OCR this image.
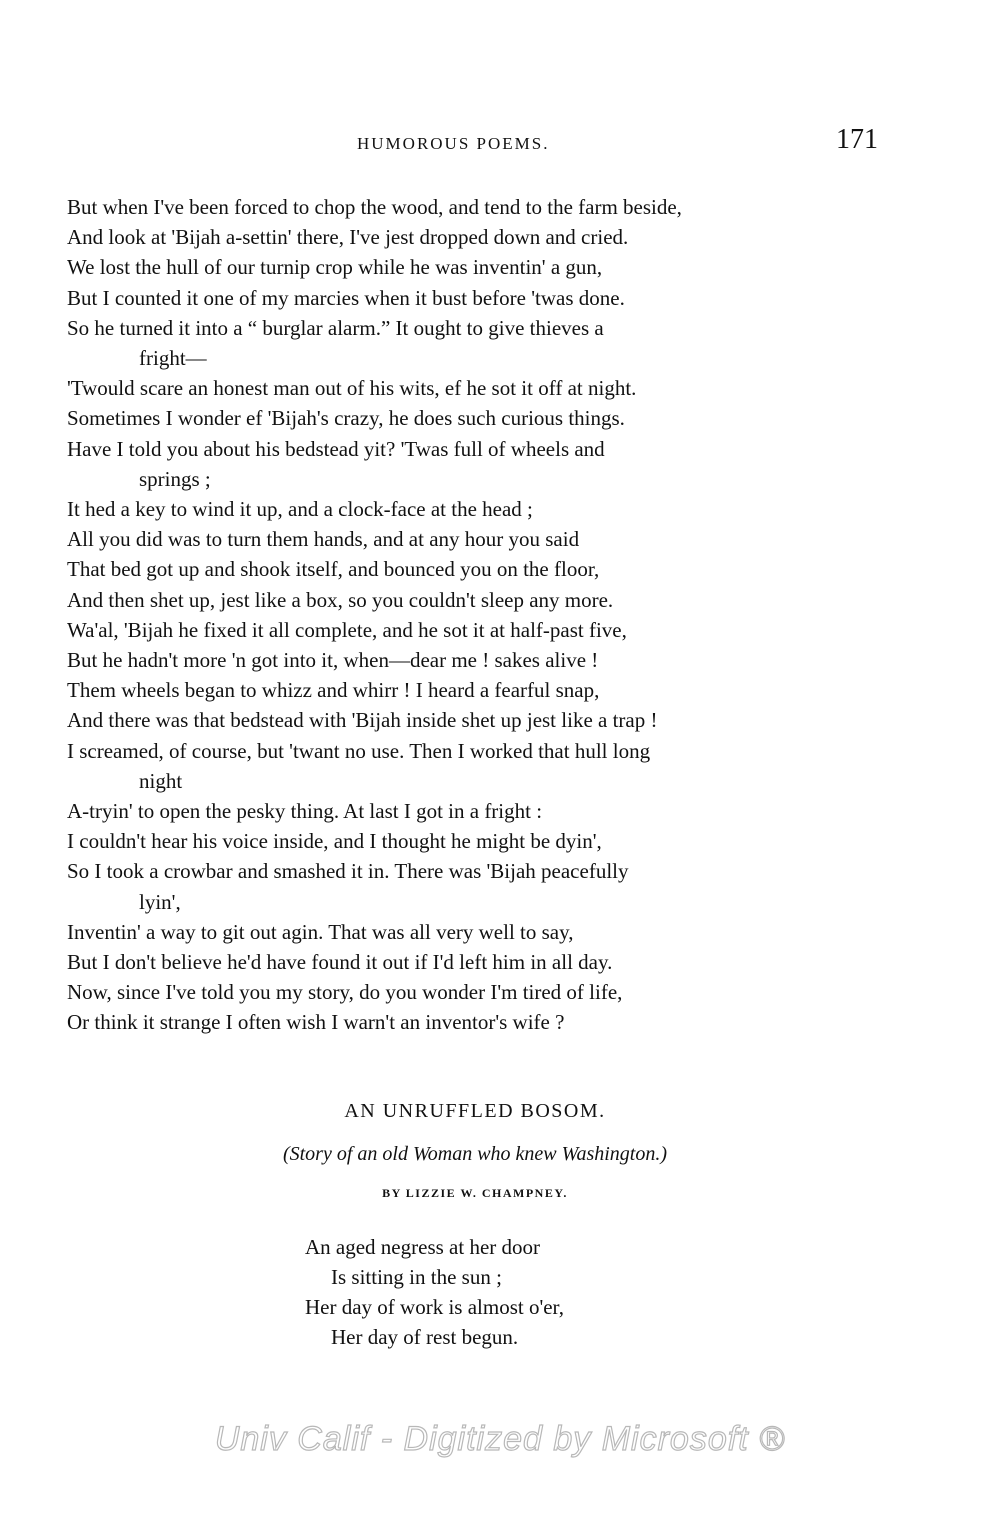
HUMOROUS POEMS.	171
But when I've been forced to chop the wood, and tend to the farm beside,
And look at 'Bijah a-settin' there, I've jest dropped down and cried.
We lost the hull of our turnip crop while he was inventin' a gun,
But I counted it one of my marcies when it bust before 'twas done.
So he turned it into a “ burglar alarm.” It ought to give thieves a
fright—
'Twould scare an honest man out of his wits, ef he sot it off at night.
Sometimes I wonder ef 'Bijah's crazy, he does such curious things.
Have I told you about his bedstead yit? 'Twas full of wheels and
springs ;
It hed a key to wind it up, and a clock-face at the head ;
All you did was to turn them hands, and at any hour you said
That bed got up and shook itself, and bounced you on the floor,
And then shet up, jest like a box, so you couldn't sleep any more.
Wa'al, 'Bijah he fixed it all complete, and he sot it at half-past five,
But he hadn't more 'n got into it, when—dear me ! sakes alive !
Them wheels began to whizz and whirr ! I heard a fearful snap,
And there was that bedstead with 'Bijah inside shet up jest like a trap !
I screamed, of course, but 'twant no use. Then I worked that hull long
night
A-tryin' to open the pesky thing. At last I got in a fright :
I couldn't hear his voice inside, and I thought he might be dyin',
So I took a crowbar and smashed it in. There was 'Bijah peacefully
lyin',
Inventin' a way to git out agin. That was all very well to say,
But I don't believe he'd have found it out if I'd left him in all day.
Now, since I've told you my story, do you wonder I'm tired of life,
Or think it strange I often wish I warn't an inventor's wife ?
AN UNRUFFLED BOSOM.
(Story of an old Woman who knew Washington.)
BY LIZZIE W. CHAMPNEY.
An aged negress at her door
Is sitting in the sun ;
Her day of work is almost o'er,
Her day of rest begun.
Univ Calif - Digitized by Microsoft ®
